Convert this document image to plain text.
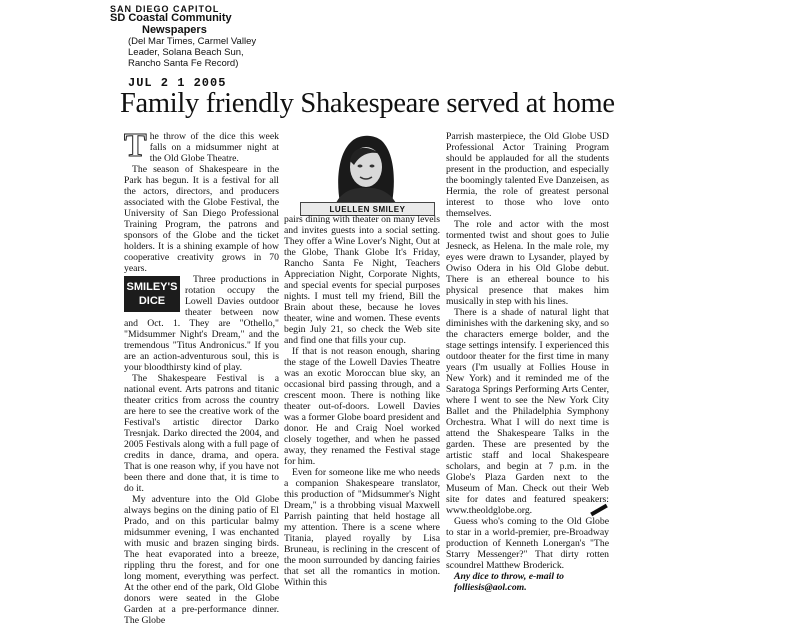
SAN DIEGO CAPITOL
SD Coastal Community
Newspapers
(Del Mar Times, Carmel Valley
Leader, Solana Beach Sun,
Rancho Santa Fe Record)
JUL 2 1 2005
Family friendly Shakespeare served at home

The throw of the dice this week falls on a midsummer night at the Old Globe Theatre.

The season of Shakespeare in the Park has begun. It is a festival for all the actors, directors, and producers associated with the Globe Festival, the University of San Diego Professional Training Program, the patrons and sponsors of the Globe and the ticket holders. It is a shining example of how cooperative creativity grows in 70 years.

SMILEY'S
DICE

Three productions in rotation occupy the Lowell Davies outdoor theater between now and Oct. 1. They are "Othello," "Midsummer Night's Dream," and the tremendous "Titus Andronicus." If you are an action-adventurous soul, this is your bloodthirsty kind of play.

The Shakespeare Festival is a national event. Arts patrons and titanic theater critics from across the country are here to see the creative work of the Festival's artistic director Darko Tresnjak. Darko directed the 2004, and 2005 Festivals along with a full page of credits in dance, drama, and opera. That is one reason why, if you have not been there and done that, it is time to do it.

My adventure into the Old Globe always begins on the dining patio of El Prado, and on this particular balmy midsummer evening, I was enchanted with music and brazen singing birds. The heat evaporated into a breeze, rippling thru the forest, and for one long moment, everything was perfect. At the other end of the park, Old Globe donors were seated in the Globe Garden at a pre-performance dinner. The Globe

LUELLEN SMILEY

pairs dining with theater on many levels and invites guests into a social setting. They offer a Wine Lover's Night, Out at the Globe, Thank Globe It's Friday, Rancho Santa Fe Night, Teachers Appreciation Night, Corporate Nights, and special events for special purposes nights. I must tell my friend, Bill the Brain about these, because he loves theater, wine and women. These events begin July 21, so check the Web site and find one that fills your cup.

If that is not reason enough, sharing the stage of the Lowell Davies Theatre was an exotic Moroccan blue sky, an occasional bird passing through, and a crescent moon. There is nothing like theater out-of-doors. Lowell Davies was a former Globe board president and donor. He and Craig Noel worked closely together, and when he passed away, they renamed the Festival stage for him.

Even for someone like me who needs a companion Shakespeare translator, this production of "Midsummer's Night Dream," is a throbbing visual Maxwell Parrish painting that held hostage all my attention. There is a scene where Titania, played royally by Lisa Bruneau, is reclining in the crescent of the moon surrounded by dancing fairies that set all the romantics in motion. Within this

Parrish masterpiece, the Old Globe USD Professional Actor Training Program should be applauded for all the students present in the production, and especially the boomingly talented Eve Danzeisen, as Hermia, the role of greatest personal interest to those who love onto themselves.

The role and actor with the most tormented twist and shout goes to Julie Jesneck, as Helena. In the male role, my eyes were drawn to Lysander, played by Owiso Odera in his Old Globe debut. There is an ethereal bounce to his physical presence that makes him musically in step with his lines.

There is a shade of natural light that diminishes with the darkening sky, and so the characters emerge bolder, and the stage settings intensify. I experienced this outdoor theater for the first time in many years (I'm usually at Follies House in New York) and it reminded me of the Saratoga Springs Performing Arts Center, where I went to see the New York City Ballet and the Philadelphia Symphony Orchestra. What I will do next time is attend the Shakespeare Talks in the garden. These are presented by the artistic staff and local Shakespeare scholars, and begin at 7 p.m. in the Globe's Plaza Garden next to the Museum of Man. Check out their Web site for dates and featured speakers: www.theoldglobe.org.

Guess who's coming to the Old Globe to star in a world-premier, pre-Broadway production of Kenneth Lonergan's "The Starry Messenger?" That dirty rotten scoundrel Matthew Broderick.

Any dice to throw, e-mail to

folliesis@aol.com.
